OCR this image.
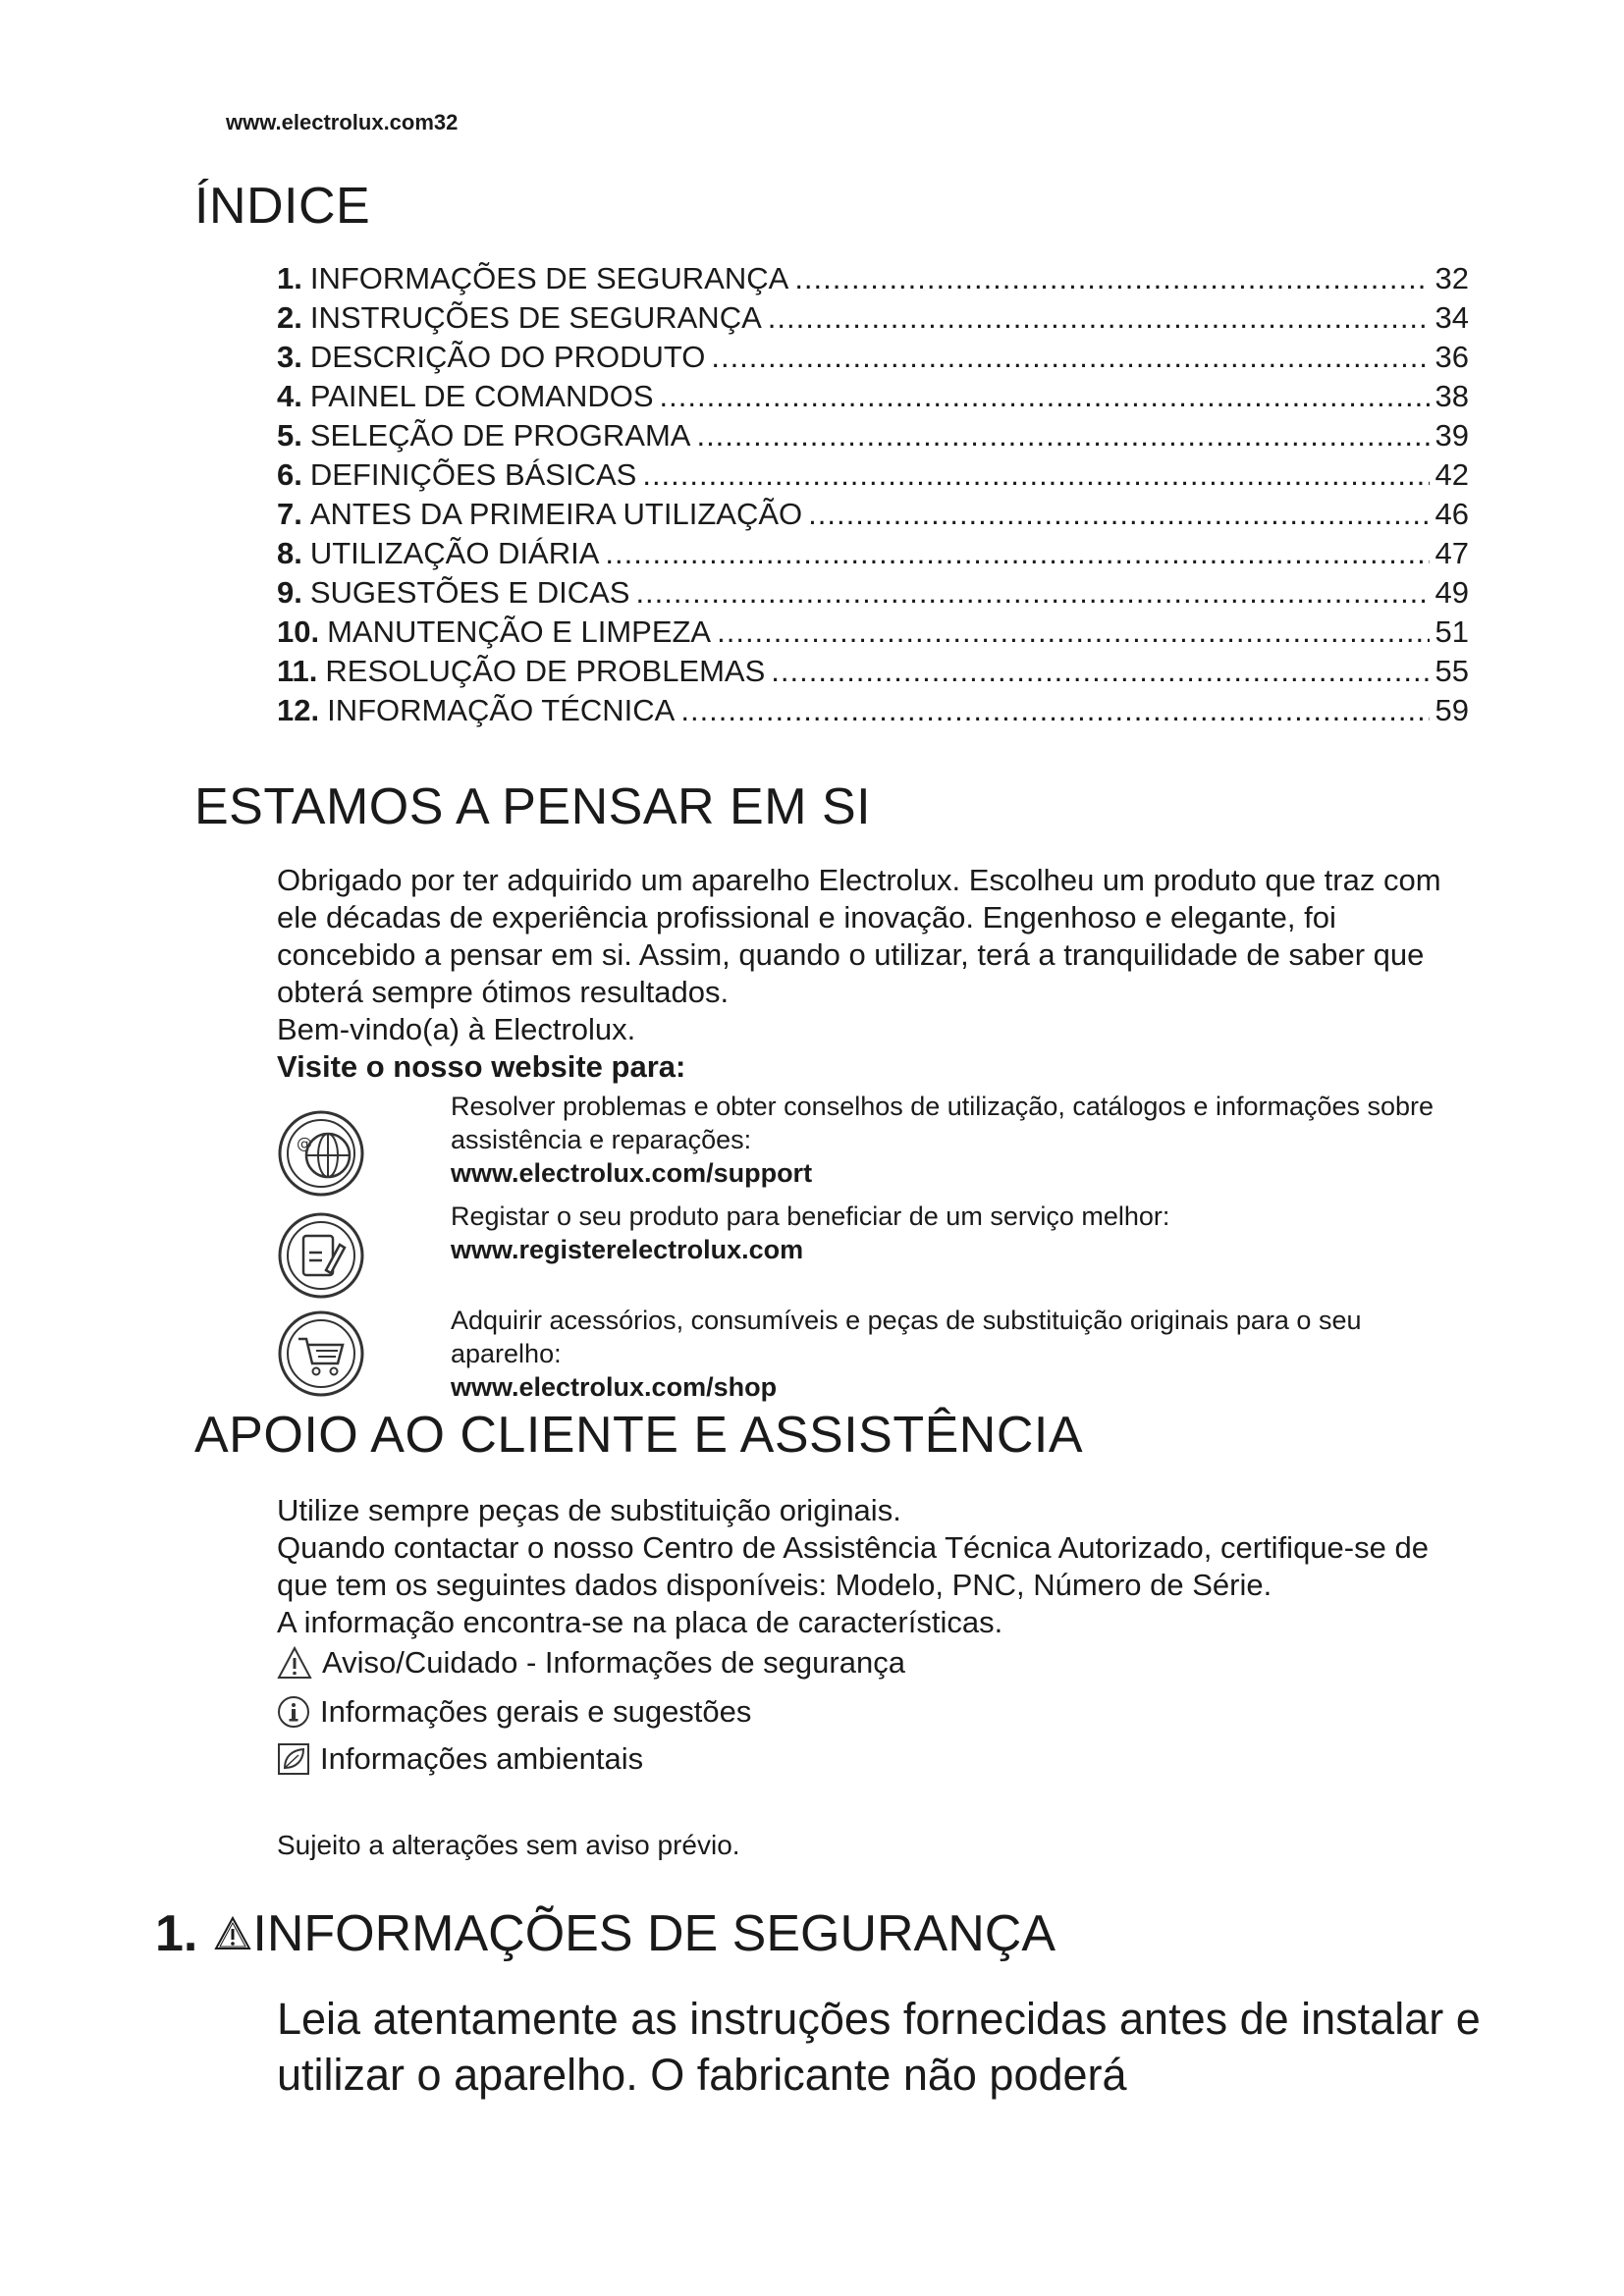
www.electrolux.com32
ÍNDICE
1. INFORMAÇÕES DE SEGURANÇA .....	32
2. INSTRUÇÕES DE SEGURANÇA .....	34
3. DESCRIÇÃO DO PRODUTO .....	36
4. PAINEL DE COMANDOS .....	38
5. SELEÇÃO DE PROGRAMA .....	39
6. DEFINIÇÕES BÁSICAS .....	42
7. ANTES DA PRIMEIRA UTILIZAÇÃO .....	46
8. UTILIZAÇÃO DIÁRIA .....	47
9. SUGESTÕES E DICAS .....	49
10. MANUTENÇÃO E LIMPEZA .....	51
11. RESOLUÇÃO DE PROBLEMAS .....	55
12. INFORMAÇÃO TÉCNICA .....	59
ESTAMOS A PENSAR EM SI

Obrigado por ter adquirido um aparelho Electrolux. Escolheu um produto que traz com ele décadas de experiência profissional e inovação. Engenhoso e elegante, foi concebido a pensar em si. Assim, quando o utilizar, terá a tranquilidade de saber que obterá sempre ótimos resultados.

Bem-vindo(a) à Electrolux.

Visite o nosso website para:

@
Resolver problemas e obter conselhos de utilização, catálogos e informações sobre assistência e reparações:
www.electrolux.com/support
Registar o seu produto para beneficiar de um serviço melhor:
www.registerelectrolux.com
Adquirir acessórios, consumíveis e peças de substituição originais para o seu aparelho:
www.electrolux.com/shop
APOIO AO CLIENTE E ASSISTÊNCIA

Utilize sempre peças de substituição originais.

Quando contactar o nosso Centro de Assistência Técnica Autorizado, certifique-se de que tem os seguintes dados disponíveis: Modelo, PNC, Número de Série.

A informação encontra-se na placa de características.

Aviso/Cuidado - Informações de segurança
Informações gerais e sugestões
Informações ambientais
Sujeito a alterações sem aviso prévio.
1. INFORMAÇÕES DE SEGURANÇA
Leia atentamente as instruções fornecidas antes de instalar e utilizar o aparelho. O fabricante não poderá
